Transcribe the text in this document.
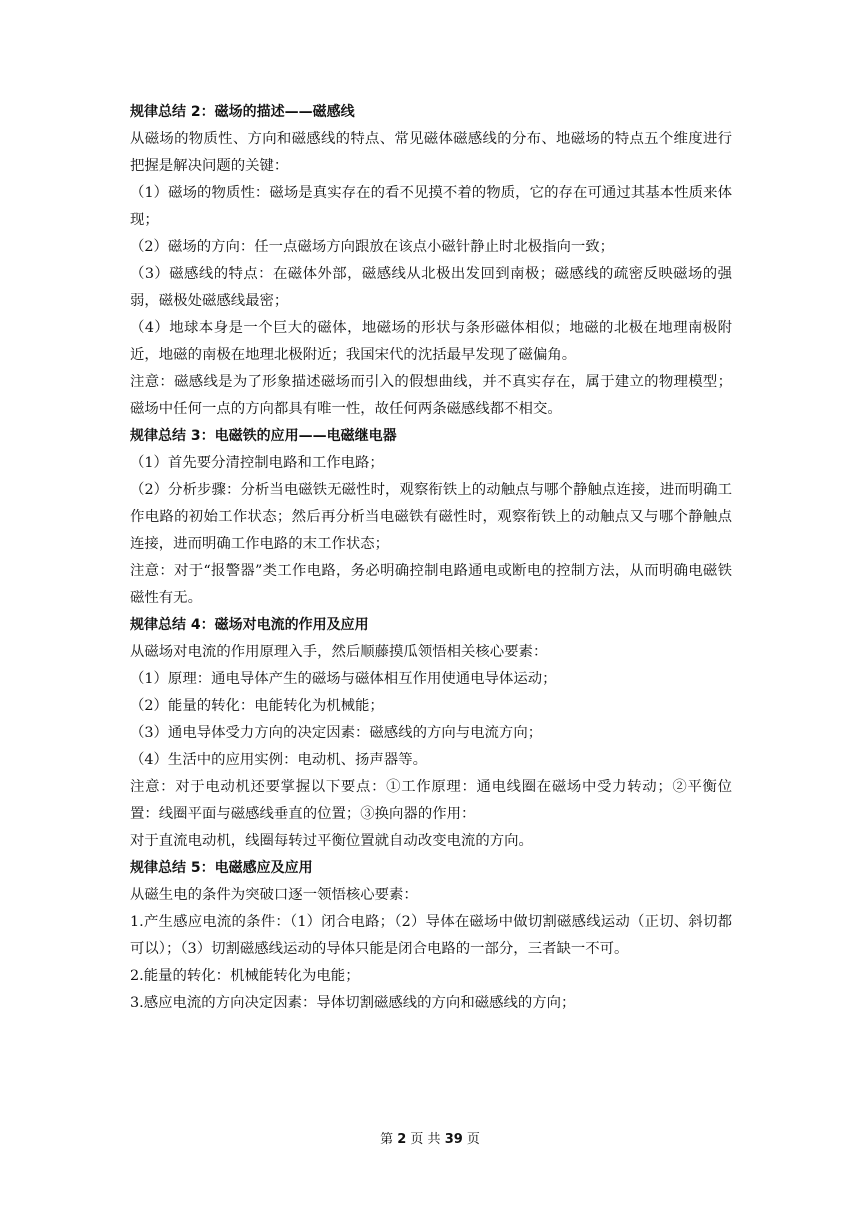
规律总结 2：磁场的描述——磁感线

从磁场的物质性、方向和磁感线的特点、常见磁体磁感线的分布、地磁场的特点五个维度进行把握是解决问题的关键：

（1）磁场的物质性：磁场是真实存在的看不见摸不着的物质，它的存在可通过其基本性质来体现；

（2）磁场的方向：任一点磁场方向跟放在该点小磁针静止时北极指向一致；

（3）磁感线的特点：在磁体外部，磁感线从北极出发回到南极；磁感线的疏密反映磁场的强弱，磁极处磁感线最密；

（4）地球本身是一个巨大的磁体，地磁场的形状与条形磁体相似；地磁的北极在地理南极附近，地磁的南极在地理北极附近；我国宋代的沈括最早发现了磁偏角。

注意：磁感线是为了形象描述磁场而引入的假想曲线，并不真实存在，属于建立的物理模型；磁场中任何一点的方向都具有唯一性，故任何两条磁感线都不相交。

规律总结 3：电磁铁的应用——电磁继电器

（1）首先要分清控制电路和工作电路；

（2）分析步骤：分析当电磁铁无磁性时，观察衔铁上的动触点与哪个静触点连接，进而明确工作电路的初始工作状态；然后再分析当电磁铁有磁性时，观察衔铁上的动触点又与哪个静触点连接，进而明确工作电路的末工作状态；

注意：对于“报警器”类工作电路，务必明确控制电路通电或断电的控制方法，从而明确电磁铁磁性有无。

规律总结 4：磁场对电流的作用及应用

从磁场对电流的作用原理入手，然后顺藤摸瓜领悟相关核心要素：

（1）原理：通电导体产生的磁场与磁体相互作用使通电导体运动；

（2）能量的转化：电能转化为机械能；

（3）通电导体受力方向的决定因素：磁感线的方向与电流方向；

（4）生活中的应用实例：电动机、扬声器等。

注意：对于电动机还要掌握以下要点：①工作原理：通电线圈在磁场中受力转动；②平衡位置：线圈平面与磁感线垂直的位置；③换向器的作用：

对于直流电动机，线圈每转过平衡位置就自动改变电流的方向。

规律总结 5：电磁感应及应用

从磁生电的条件为突破口逐一领悟核心要素：

1.产生感应电流的条件：（1）闭合电路；（2）导体在磁场中做切割磁感线运动（正切、斜切都可以）；（3）切割磁感线运动的导体只能是闭合电路的一部分，三者缺一不可。

2.能量的转化：机械能转化为电能；

3.感应电流的方向决定因素：导体切割磁感线的方向和磁感线的方向；

第 2 页 共 39 页
